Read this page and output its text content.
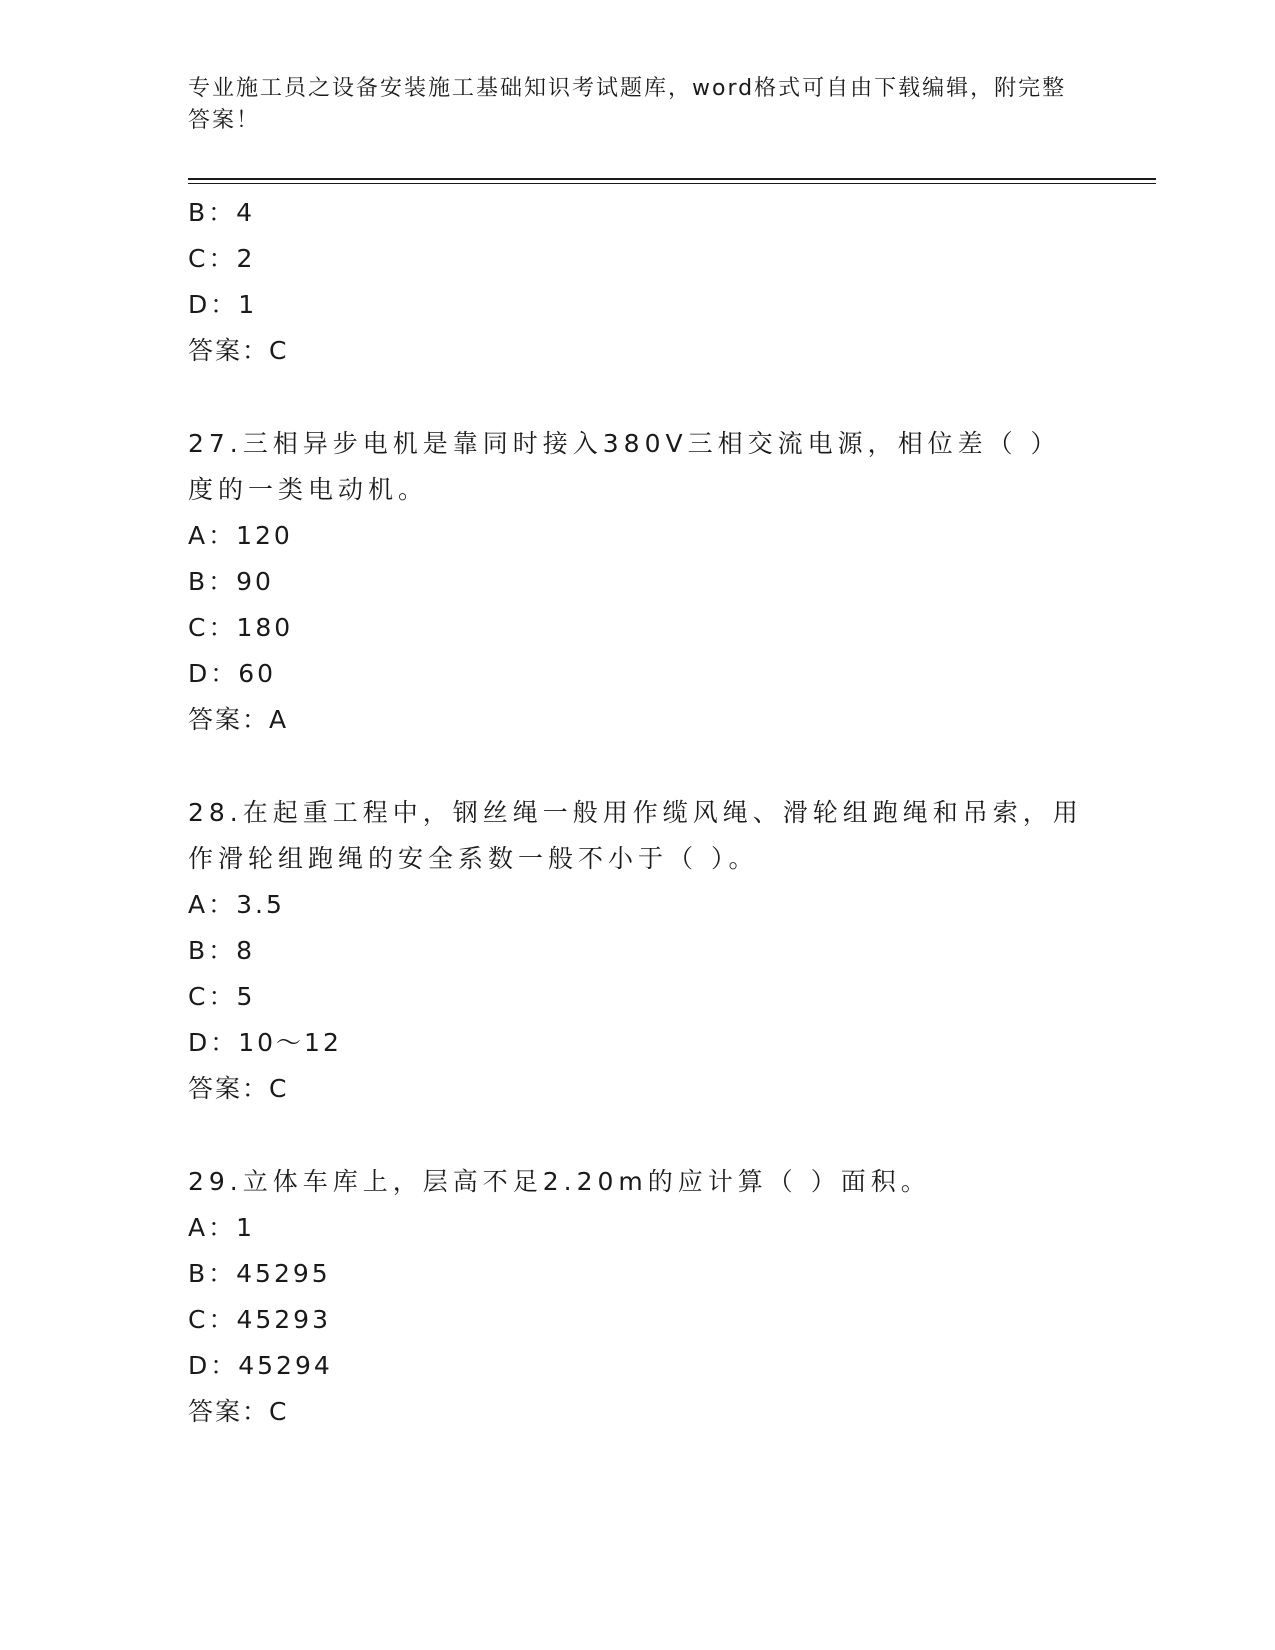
专业施工员之设备安装施工基础知识考试题库，word格式可自由下载编辑，附完整答案！
B：4
C：2
D：1
答案：C
27.三相异步电机是靠同时接入380V三相交流电源，相位差（ ）度的一类电动机。
A：120
B：90
C：180
D：60
答案：A
28.在起重工程中，钢丝绳一般用作缆风绳、滑轮组跑绳和吊索，用作滑轮组跑绳的安全系数一般不小于（ ）。
A：3.5
B：8
C：5
D：10～12
答案：C
29.立体车库上，层高不足2.20m的应计算（ ）面积。
A：1
B：45295
C：45293
D：45294
答案：C
